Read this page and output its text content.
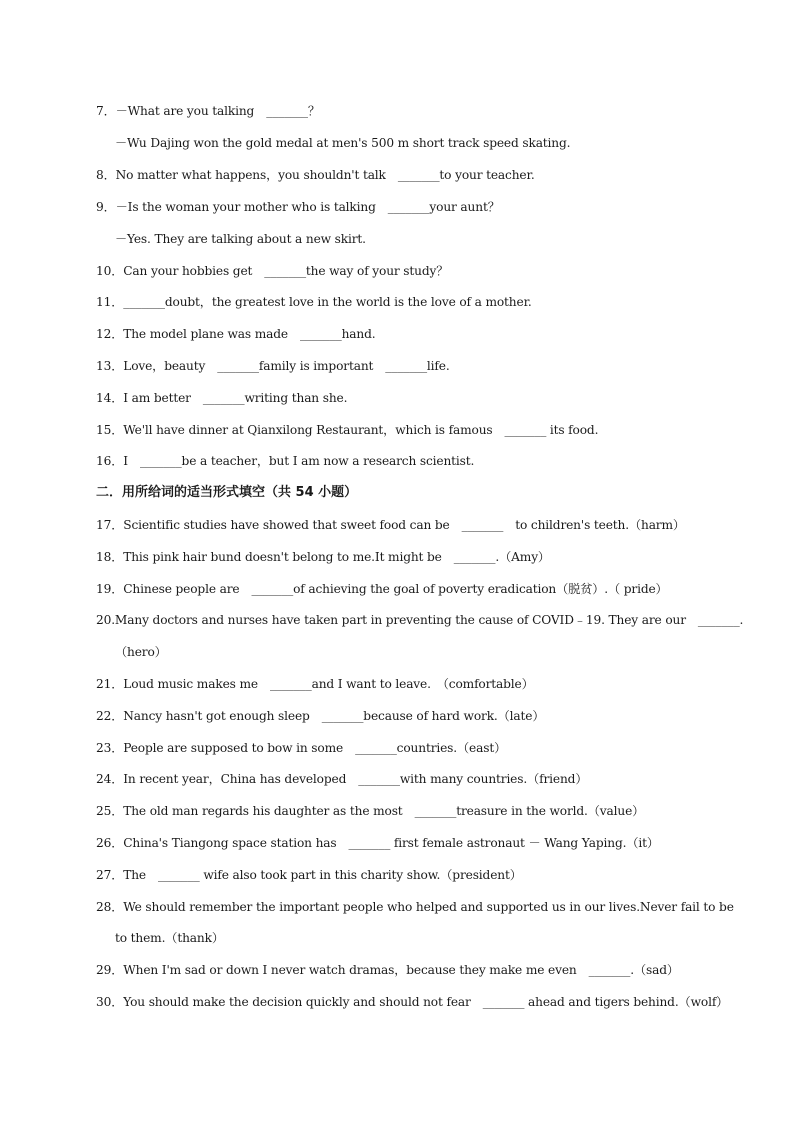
7．－What are you talking　_______？
－Wu Dajing won the gold medal at men's 500 m short track speed skating.
8．No matter what happens，you shouldn't talk　_______to your teacher.
9．－Is the woman your mother who is talking　_______your aunt？
－Yes. They are talking about a new skirt.
10．Can your hobbies get　_______the way of your study？
11．_______doubt，the greatest love in the world is the love of a mother.
12．The model plane was made　_______hand.
13．Love，beauty　_______family is important　_______life.
14．I am better　_______writing than she.
15．We'll have dinner at Qianxilong Restaurant，which is famous　_______ its food.
16．I　_______be a teacher，but I am now a research scientist.
二．用所给词的适当形式填空（共 54 小题）
17．Scientific studies have showed that sweet food can be　_______　to children's teeth.（harm）
18．This pink hair bund doesn't belong to me.It might be　_______.（Amy）
19．Chinese people are　_______of achieving the goal of poverty eradication（脱贫）.（ pride）
20.Many doctors and nurses have taken part in preventing the cause of COVID﹣19. They are our　_______.
（hero）
21．Loud music makes me　_______and I want to leave.　（comfortable）
22．Nancy hasn't got enough sleep　_______because of hard work.（late）
23．People are supposed to bow in some　_______countries.（east）
24．In recent year，China has developed　_______with many countries.（friend）
25．The old man regards his daughter as the most　_______treasure in the world.（value）
26．China's Tiangong space station has　_______ first female astronaut － Wang Yaping.（it）
27．The　_______ wife also took part in this charity show.（president）
28．We should remember the important people who helped and supported us in our lives.Never fail to be
to them.（thank）
29．When I'm sad or down I never watch dramas，because they make me even　_______.（sad）
30．You should make the decision quickly and should not fear　_______ ahead and tigers behind.（wolf）
